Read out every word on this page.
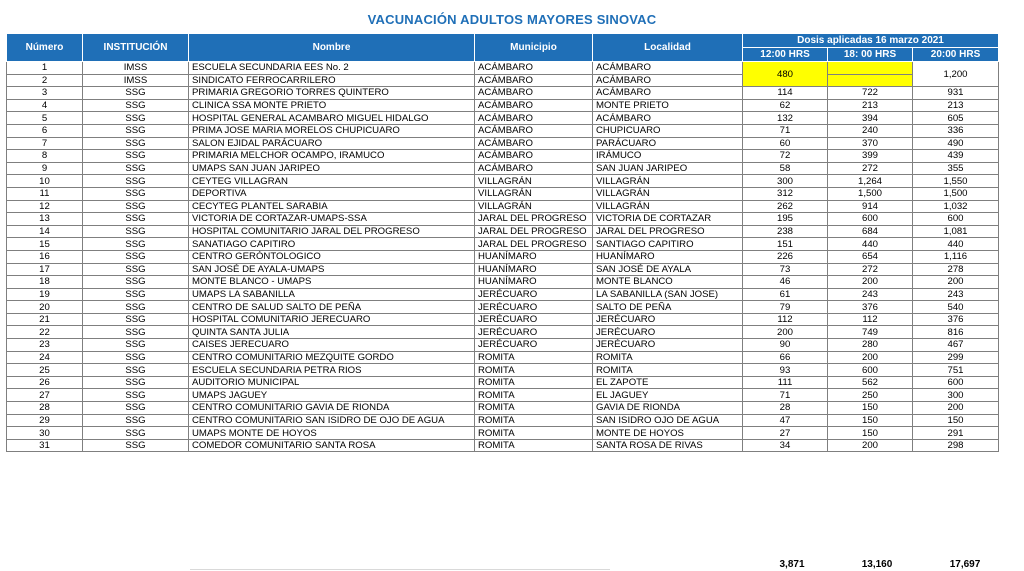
VACUNACIÓN ADULTOS MAYORES SINOVAC
Número	INSTITUCIÓN	Nombre	Municipio	Localidad	Dosis aplicadas 16 marzo 2021		
					12:00 HRS	18: 00 HRS	20:00 HRS
1	IMSS	ESCUELA SECUNDARIA EES No. 2	ACÁMBARO	ACÁMBARO	480		1,200
2	IMSS	SINDICATO FERROCARRILERO	ACÁMBARO	ACÁMBARO			
3	SSG	PRIMARIA GREGORIO TORRES QUINTERO	ACÁMBARO	ACÁMBARO	114	722	931
4	SSG	CLINICA SSA MONTE PRIETO	ACÁMBARO	MONTE PRIETO	62	213	213
5	SSG	HOSPITAL GENERAL ACAMBARO MIGUEL HIDALGO	ACÁMBARO	ACÁMBARO	132	394	605
6	SSG	PRIMA JOSE MARIA MORELOS CHUPICUARO	ACÁMBARO	CHUPICUARO	71	240	336
7	SSG	SALON EJIDAL PARÁCUARO	ACÁMBARO	PARÁCUARO	60	370	490
8	SSG	PRIMARIA MELCHOR OCAMPO, IRAMUCO	ACÁMBARO	IRÁMUCO	72	399	439
9	SSG	UMAPS SAN JUAN JARIPEO	ACÁMBARO	SAN JUAN JARIPEO	58	272	355
10	SSG	CEYTEG VILLAGRAN	VILLAGRÁN	VILLAGRÁN	300	1,264	1,550
11	SSG	DEPORTIVA	VILLAGRÁN	VILLAGRÁN	312	1,500	1,500
12	SSG	CECYTEG PLANTEL SARABIA	VILLAGRÁN	VILLAGRÁN	262	914	1,032
13	SSG	VICTORIA DE CORTAZAR-UMAPS-SSA	JARAL DEL PROGRESO	VICTORIA DE CORTAZAR	195	600	600
14	SSG	HOSPITAL COMUNITARIO JARAL DEL PROGRESO	JARAL DEL PROGRESO	JARAL DEL PROGRESO	238	684	1,081
15	SSG	SANATIAGO CAPITIRO	JARAL DEL PROGRESO	SANTIAGO CAPITIRO	151	440	440
16	SSG	CENTRO GERÓNTOLOGICO	HUANÍMARO	HUANÍMARO	226	654	1,116
17	SSG	SAN JOSÉ DE AYALA-UMAPS	HUANÍMARO	SAN JOSÉ DE AYALA	73	272	278
18	SSG	MONTE BLANCO - UMAPS	HUANÍMARO	MONTE BLANCO	46	200	200
19	SSG	UMAPS LA SABANILLA	JERÉCUARO	LA SABANILLA (SAN JOSE)	61	243	243
20	SSG	CENTRO DE SALUD SALTO DE PEÑA	JERÉCUARO	SALTO DE PEÑA	79	376	540
21	SSG	HOSPITAL COMUNITARIO JERECUARO	JERÉCUARO	JERÉCUARO	112	112	376
22	SSG	QUINTA SANTA JULIA	JERÉCUARO	JERÉCUARO	200	749	816
23	SSG	CAISES JERECUARO	JERÉCUARO	JERÉCUARO	90	280	467
24	SSG	CENTRO COMUNITARIO MEZQUITE GORDO	ROMITA	ROMITA	66	200	299
25	SSG	ESCUELA SECUNDARIA PETRA RIOS	ROMITA	ROMITA	93	600	751
26	SSG	AUDITORIO MUNICIPAL	ROMITA	EL ZAPOTE	111	562	600
27	SSG	UMAPS JAGUEY	ROMITA	EL JAGUEY	71	250	300
28	SSG	CENTRO COMUNITARIO GAVIA DE RIONDA	ROMITA	GAVIA DE RIONDA	28	150	200
29	SSG	CENTRO COMUNITARIO SAN ISIDRO DE OJO DE AGUA	ROMITA	SAN ISIDRO OJO DE AGUA	47	150	150
30	SSG	UMAPS MONTE DE HOYOS	ROMITA	MONTE DE HOYOS	27	150	291
31	SSG	COMEDOR COMUNITARIO SANTA ROSA	ROMITA	SANTA ROSA DE RIVAS	34	200	298
3,871	13,160	17,697
